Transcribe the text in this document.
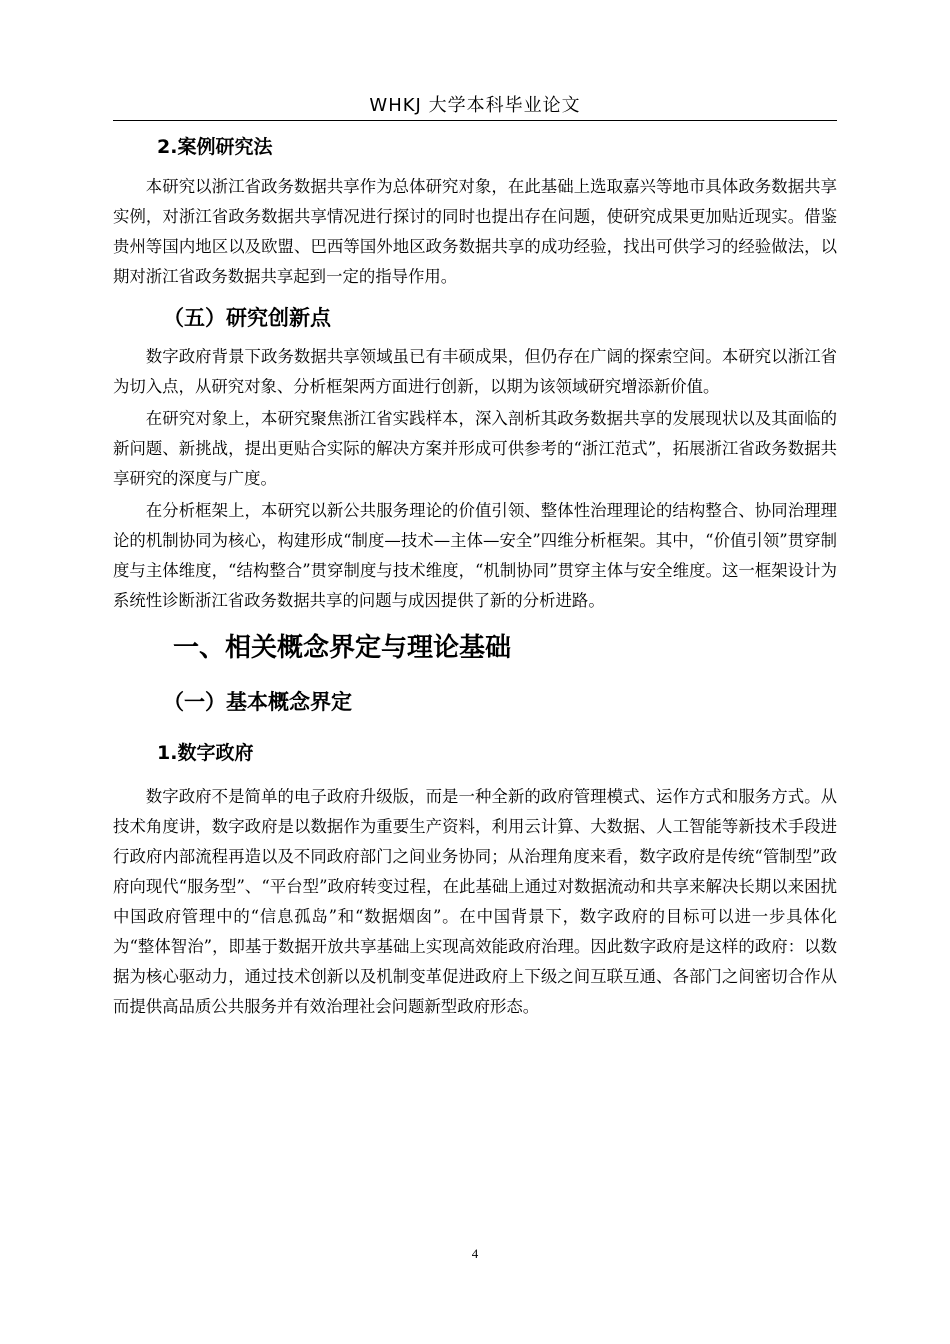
WHKJ 大学本科毕业论文
2.案例研究法

本研究以浙江省政务数据共享作为总体研究对象，在此基础上选取嘉兴等地市具体政务数据共享实例，对浙江省政务数据共享情况进行探讨的同时也提出存在问题，使研究成果更加贴近现实。借鉴贵州等国内地区以及欧盟、巴西等国外地区政务数据共享的成功经验，找出可供学习的经验做法，以期对浙江省政务数据共享起到一定的指导作用。

（五）研究创新点

数字政府背景下政务数据共享领域虽已有丰硕成果，但仍存在广阔的探索空间。本研究以浙江省为切入点，从研究对象、分析框架两方面进行创新，以期为该领域研究增添新价值。

在研究对象上，本研究聚焦浙江省实践样本，深入剖析其政务数据共享的发展现状以及其面临的新问题、新挑战，提出更贴合实际的解决方案并形成可供参考的“浙江范式”，拓展浙江省政务数据共享研究的深度与广度。

在分析框架上，本研究以新公共服务理论的价值引领、整体性治理理论的结构整合、协同治理理论的机制协同为核心，构建形成“制度—技术—主体—安全”四维分析框架。其中，“价值引领”贯穿制度与主体维度，“结构整合”贯穿制度与技术维度，“机制协同”贯穿主体与安全维度。这一框架设计为系统性诊断浙江省政务数据共享的问题与成因提供了新的分析进路。

一、相关概念界定与理论基础
（一）基本概念界定
1.数字政府

数字政府不是简单的电子政府升级版，而是一种全新的政府管理模式、运作方式和服务方式。从技术角度讲，数字政府是以数据作为重要生产资料，利用云计算、大数据、人工智能等新技术手段进行政府内部流程再造以及不同政府部门之间业务协同；从治理角度来看，数字政府是传统“管制型”政府向现代“服务型”、“平台型”政府转变过程，在此基础上通过对数据流动和共享来解决长期以来困扰中国政府管理中的“信息孤岛”和“数据烟囱”。在中国背景下，数字政府的目标可以进一步具体化为“整体智治”，即基于数据开放共享基础上实现高效能政府治理。因此数字政府是这样的政府：以数据为核心驱动力，通过技术创新以及机制变革促进政府上下级之间互联互通、各部门之间密切合作从而提供高品质公共服务并有效治理社会问题新型政府形态。

4
